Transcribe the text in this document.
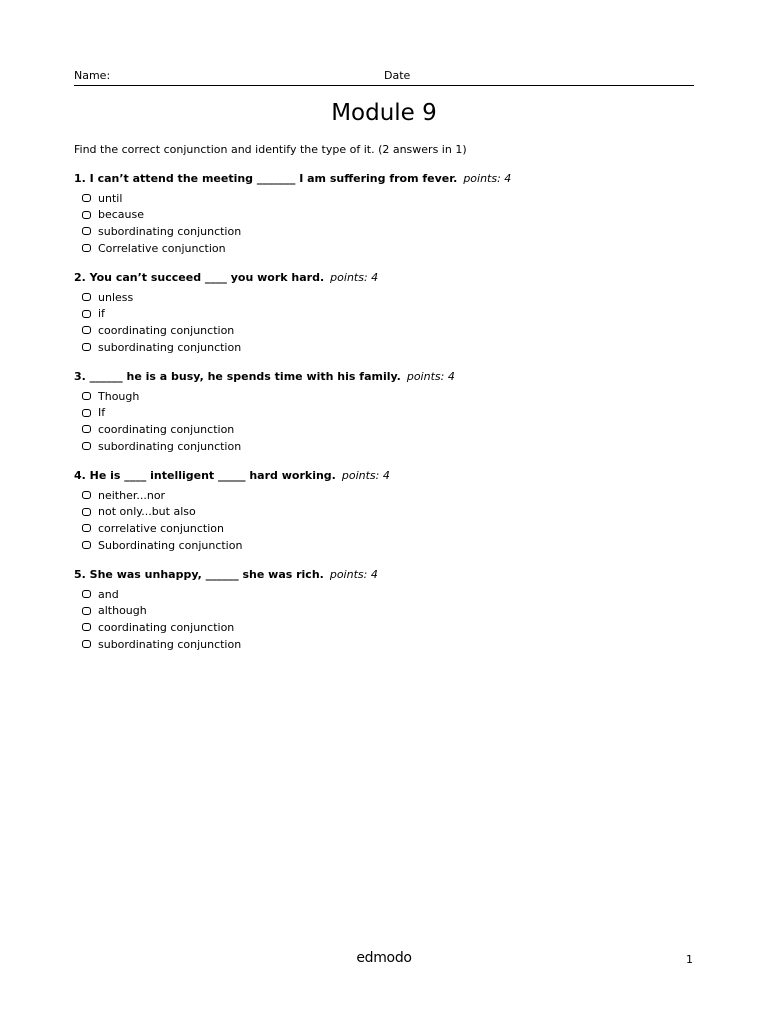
Name:	Date
Module 9
Find the correct conjunction and identify the type of it. (2 answers in 1)
1. I can’t attend the meeting _______ I am suffering from fever. points: 4
until
because
subordinating conjunction
Correlative conjunction
2. You can’t succeed ____ you work hard. points: 4
unless
if
coordinating conjunction
subordinating conjunction
3. ______ he is a busy, he spends time with his family. points: 4
Though
If
coordinating conjunction
subordinating conjunction
4. He is ____ intelligent _____ hard working. points: 4
neither...nor
not only...but also
correlative conjunction
Subordinating conjunction
5. She was unhappy, ______ she was rich. points: 4
and
although
coordinating conjunction
subordinating conjunction
edmodo	1
